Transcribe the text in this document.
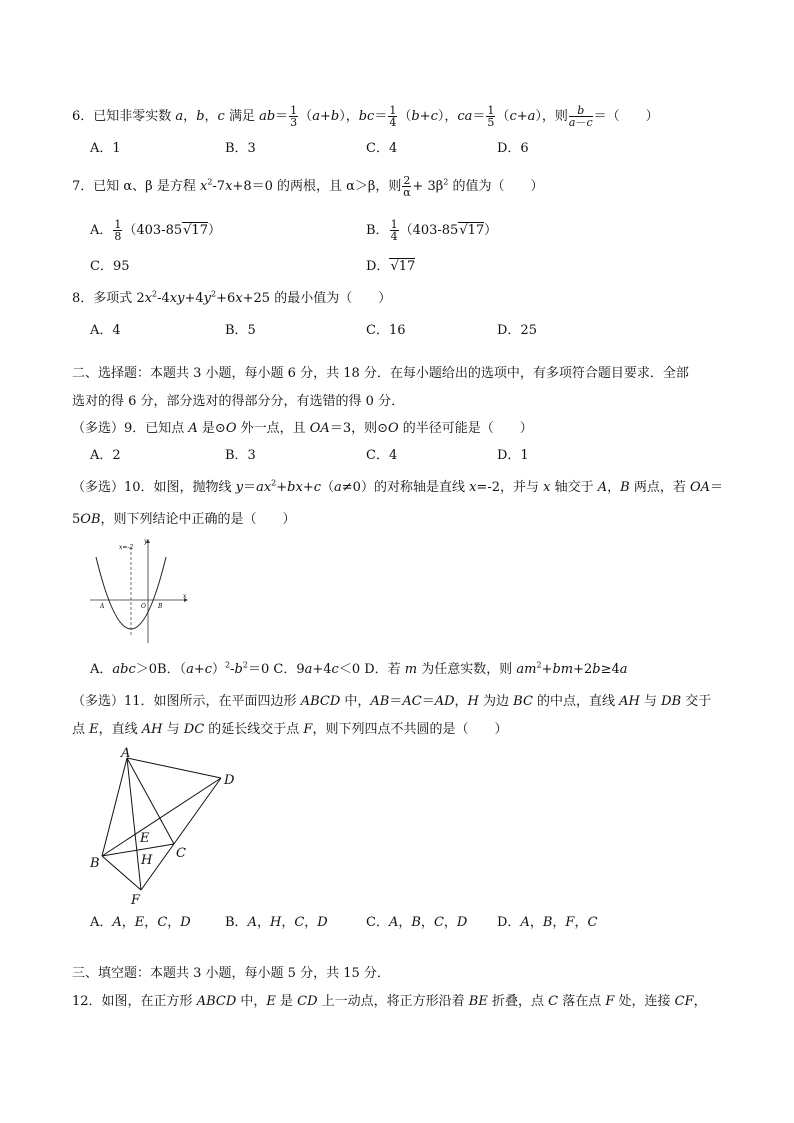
6．已知非零实数 a，b，c 满足 $ab= \frac{1}{3} (a+b)$，$bc= \frac{1}{4} (b+c)$，$ca= \frac{1}{5} (c+a)$，则 $\frac{b}{a-c}$ ＝（　　）
A．1	B．3	C．4	D．6
7．已知 α、β 是方程 $x^2-7x+8=0$ 的两根，且 α＞β，则 $\frac{2}{\alpha} + 3\beta^2$ 的值为（　　）
A． $\frac{1}{8} (403-85√17)$	B． $\frac{1}{4} (403-85√17)$
C．95	D．√17
8．多项式 $2x^2-4xy+4y^2+6x+25$ 的最小值为（　　）
A．4	B．5	C．16	D．25
二、选择题：本题共 3 小题，每小题 6 分，共 18 分．在每小题给出的选项中，有多项符合题目要求．全部
选对的得 6 分，部分选对的得部分分，有选错的得 0 分．
（多选）9．已知点 A 是⊙O 外一点，且 OA＝3，则⊙O 的半径可能是（　　）
A．2	B．3	C．4	D．1
（多选）10．如图，抛物线 $y=ax^2+bx+c(a\ne 0)$的对称轴是直线 x=-2，并与 x 轴交于 A，B 两点，若 OA＝
5OB，则下列结论中正确的是（　　）
x=-2
y
x
A	O B
A．abc＞0B．$(a+c)^2-b^2=0$ C．9a+4c＜0 D．若 m 为任意实数，则 $am^2+bm+2b\ge 4a$
（多选）11．如图所示，在平面四边形 ABCD 中，AB＝AC＝AD，H 为边 BC 的中点，直线 AH 与 DB 交于
点 E，直线 AH 与 DC 的延长线交于点 F，则下列四点不共圆的是（　　）
A
D
E
B	H C
F
A．A，E，C，D	B．A，H，C，D	C．A，B，C，D D．A，B，F，C
三、填空题：本题共 3 小题，每小题 5 分，共 15 分．
12．如图，在正方形 ABCD 中，E 是 CD 上一动点，将正方形沿着 BE 折叠，点 C 落在点 F 处，连接 CF，
